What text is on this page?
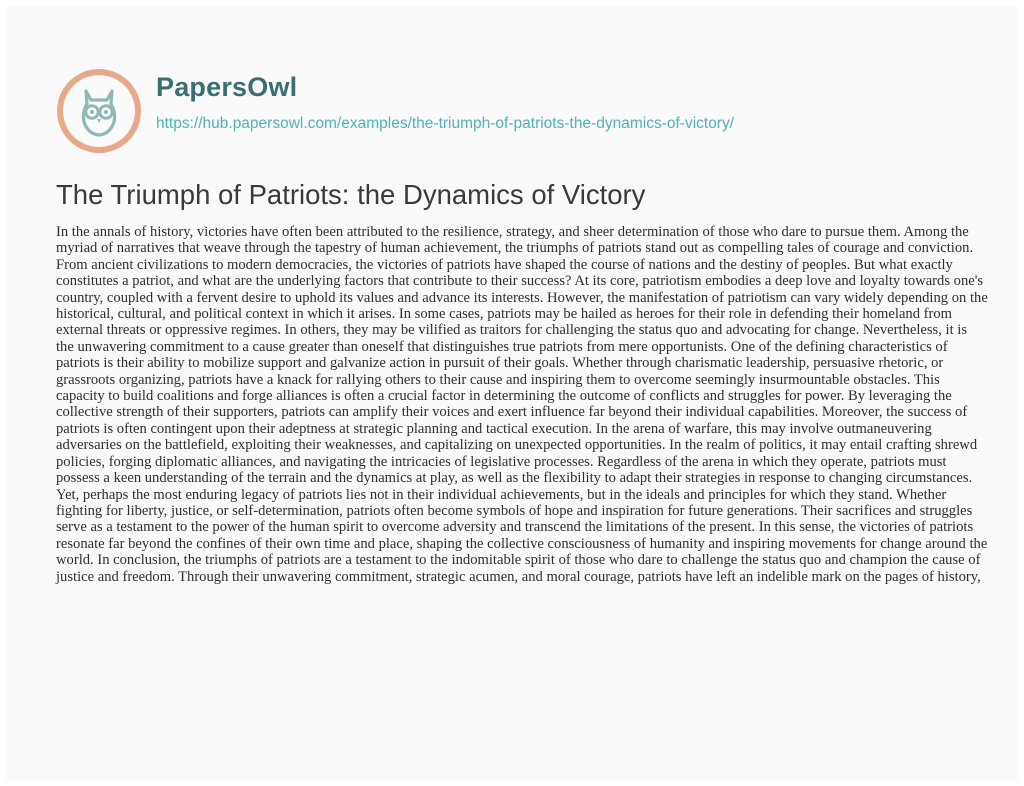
PapersOwl
https://hub.papersowl.com/examples/the-triumph-of-patriots-the-dynamics-of-victory/
The Triumph of Patriots: the Dynamics of Victory

In the annals of history, victories have often been attributed to the resilience, strategy, and sheer determination of those who dare to pursue them. Among the myriad of narratives that weave through the tapestry of human achievement, the triumphs of patriots stand out as compelling tales of courage and conviction. From ancient civilizations to modern democracies, the victories of patriots have shaped the course of nations and the destiny of peoples. But what exactly constitutes a patriot, and what are the underlying factors that contribute to their success? At its core, patriotism embodies a deep love and loyalty towards one's country, coupled with a fervent desire to uphold its values and advance its interests. However, the manifestation of patriotism can vary widely depending on the historical, cultural, and political context in which it arises. In some cases, patriots may be hailed as heroes for their role in defending their homeland from external threats or oppressive regimes. In others, they may be vilified as traitors for challenging the status quo and advocating for change. Nevertheless, it is the unwavering commitment to a cause greater than oneself that distinguishes true patriots from mere opportunists. One of the defining characteristics of patriots is their ability to mobilize support and galvanize action in pursuit of their goals. Whether through charismatic leadership, persuasive rhetoric, or grassroots organizing, patriots have a knack for rallying others to their cause and inspiring them to overcome seemingly insurmountable obstacles. This capacity to build coalitions and forge alliances is often a crucial factor in determining the outcome of conflicts and struggles for power. By leveraging the collective strength of their supporters, patriots can amplify their voices and exert influence far beyond their individual capabilities. Moreover, the success of patriots is often contingent upon their adeptness at strategic planning and tactical execution. In the arena of warfare, this may involve outmaneuvering adversaries on the battlefield, exploiting their weaknesses, and capitalizing on unexpected opportunities. In the realm of politics, it may entail crafting shrewd policies, forging diplomatic alliances, and navigating the intricacies of legislative processes. Regardless of the arena in which they operate, patriots must possess a keen understanding of the terrain and the dynamics at play, as well as the flexibility to adapt their strategies in response to changing circumstances. Yet, perhaps the most enduring legacy of patriots lies not in their individual achievements, but in the ideals and principles for which they stand. Whether fighting for liberty, justice, or self-determination, patriots often become symbols of hope and inspiration for future generations. Their sacrifices and struggles serve as a testament to the power of the human spirit to overcome adversity and transcend the limitations of the present. In this sense, the victories of patriots resonate far beyond the confines of their own time and place, shaping the collective consciousness of humanity and inspiring movements for change around the world. In conclusion, the triumphs of patriots are a testament to the indomitable spirit of those who dare to challenge the status quo and champion the cause of justice and freedom. Through their unwavering commitment, strategic acumen, and moral courage, patriots have left an indelible mark on the pages of history,
